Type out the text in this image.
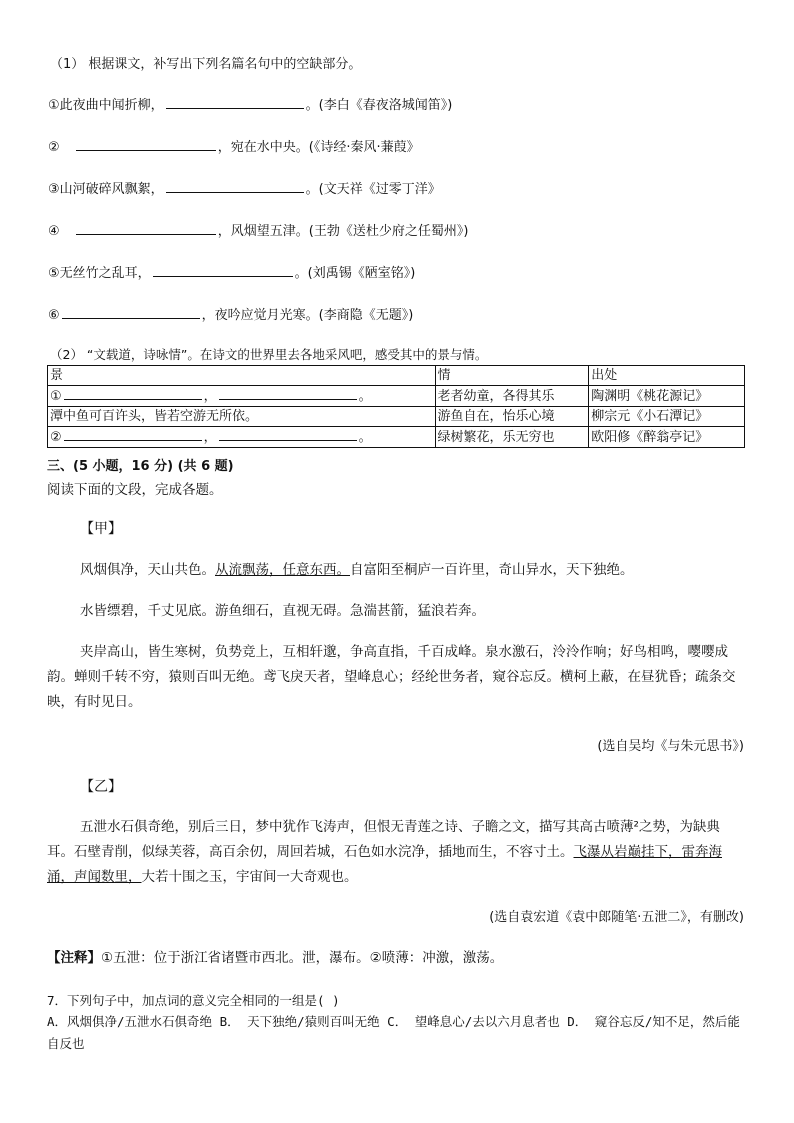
（1） 根据课文，补写出下列名篇名句中的空缺部分。
①此夜曲中闻折柳，	。(李白《春夜洛城闻笛》)
②	，宛在水中央。(《诗经·秦风·蒹葭》
③山河破碎风飘絮，	。(文天祥《过零丁洋》
④	，风烟望五津。(王勃《送杜少府之任蜀州》)
⑤无丝竹之乱耳，	。(刘禹锡《陋室铭》)
⑥	，夜吟应觉月光寒。(李商隐《无题》)
（2） “文载道，诗咏情”。在诗文的世界里去各地采风吧，感受其中的景与情。
景	情	出处
① ， 。	老者幼童，各得其乐	陶渊明《桃花源记》
潭中鱼可百许头，皆若空游无所依。	游鱼自在，怡乐心境	柳宗元《小石潭记》
② ， 。	绿树繁花，乐无穷也	欧阳修《醉翁亭记》
三、(5 小题，16 分) (共 6 题)
阅读下面的文段，完成各题。
【甲】
风烟俱净，天山共色。从流飘荡，任意东西。自富阳至桐庐一百许里，奇山异水，天下独绝。
水皆缥碧，千丈见底。游鱼细石，直视无碍。急湍甚箭，猛浪若奔。
夹岸高山，皆生寒树，负势竞上，互相轩邈，争高直指，千百成峰。泉水激石，泠泠作响；好鸟相鸣，嘤嘤成韵。蝉则千转不穷，猿则百叫无绝。鸢飞戾天者，望峰息心；经纶世务者，窥谷忘反。横柯上蔽，在昼犹昏；疏条交映，有时见日。
(选自吴均《与朱元思书》)
【乙】
五泄水石俱奇绝，别后三日，梦中犹作飞涛声，但恨无青莲之诗、子瞻之文，描写其高古喷薄²之势，为缺典耳。石壁青削，似绿芙蓉，高百余仞，周回若城，石色如水浣净，插地而生，不容寸土。飞瀑从岩巅挂下，雷奔海涌，声闻数里，大若十围之玉，宇宙间一大奇观也。
(选自袁宏道《袁中郎随笔·五泄二》，有删改)
【注释】①五泄：位于浙江省诸暨市西北。泄，瀑布。②喷薄：冲激，激荡。
7．下列句子中，加点词的意义完全相同的一组是( )
A．风烟俱净/五泄水石俱奇绝 B． 天下独绝/猿则百叫无绝 C． 望峰息心/去以六月息者也 D． 窥谷忘反/知不足，然后能自反也
